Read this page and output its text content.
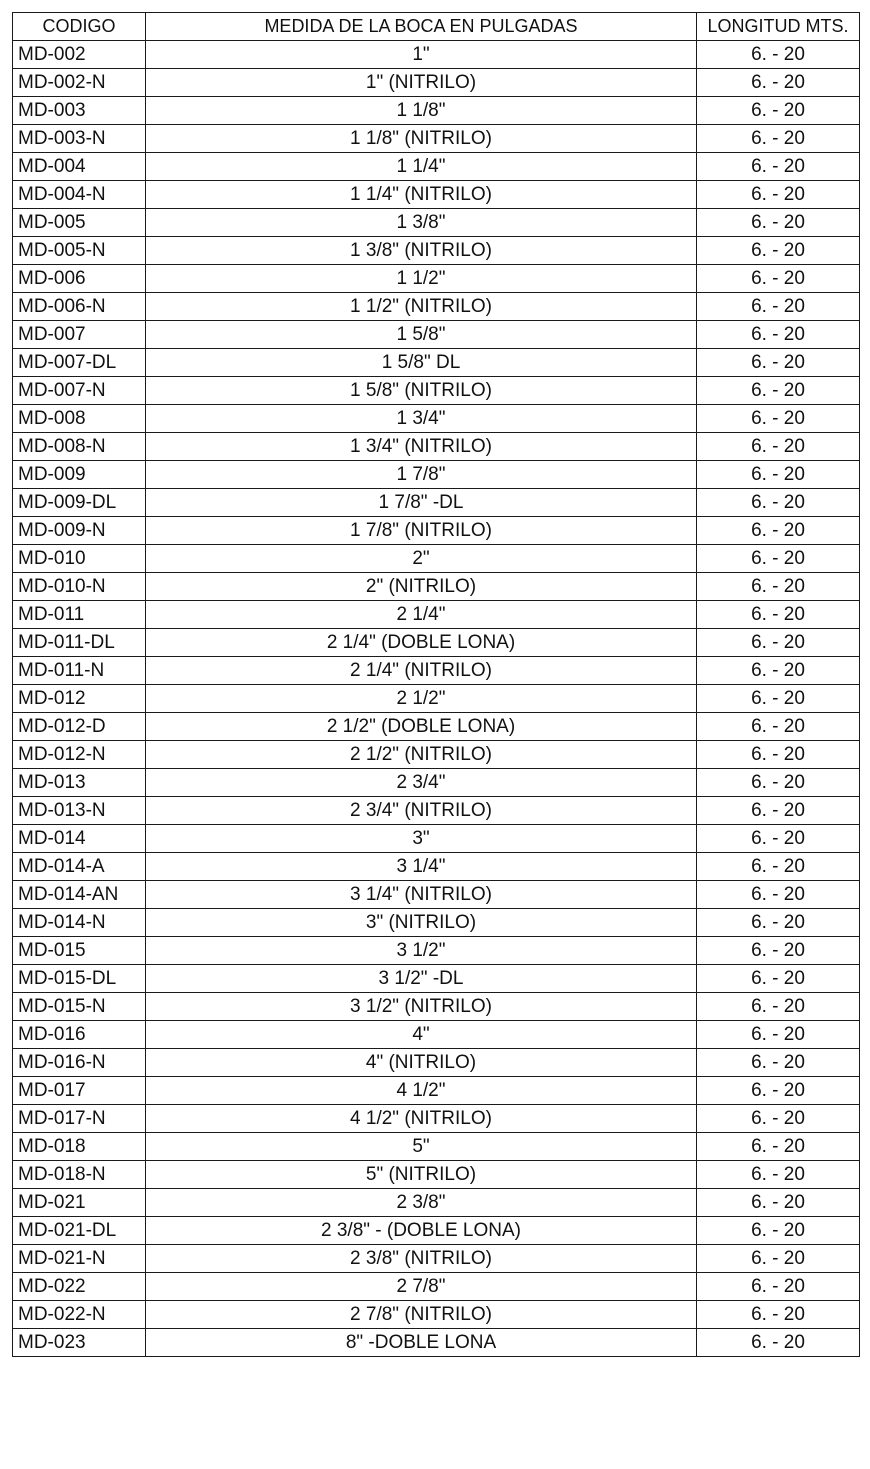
CODIGO	MEDIDA DE LA BOCA EN PULGADAS	LONGITUD MTS.
MD-002	1"	6. - 20
MD-002-N	1" (NITRILO)	6. - 20
MD-003	1 1/8"	6. - 20
MD-003-N	1 1/8" (NITRILO)	6. - 20
MD-004	1 1/4"	6. - 20
MD-004-N	1 1/4" (NITRILO)	6. - 20
MD-005	1 3/8"	6. - 20
MD-005-N	1 3/8" (NITRILO)	6. - 20
MD-006	1 1/2"	6. - 20
MD-006-N	1 1/2" (NITRILO)	6. - 20
MD-007	1 5/8"	6. - 20
MD-007-DL	1 5/8" DL	6. - 20
MD-007-N	1 5/8" (NITRILO)	6. - 20
MD-008	1 3/4"	6. - 20
MD-008-N	1 3/4" (NITRILO)	6. - 20
MD-009	1 7/8"	6. - 20
MD-009-DL	1 7/8" -DL	6. - 20
MD-009-N	1 7/8" (NITRILO)	6. - 20
MD-010	2"	6. - 20
MD-010-N	2" (NITRILO)	6. - 20
MD-011	2 1/4"	6. - 20
MD-011-DL	2 1/4" (DOBLE LONA)	6. - 20
MD-011-N	2 1/4" (NITRILO)	6. - 20
MD-012	2 1/2"	6. - 20
MD-012-D	2 1/2" (DOBLE LONA)	6. - 20
MD-012-N	2 1/2" (NITRILO)	6. - 20
MD-013	2 3/4"	6. - 20
MD-013-N	2 3/4" (NITRILO)	6. - 20
MD-014	3"	6. - 20
MD-014-A	3 1/4"	6. - 20
MD-014-AN	3 1/4" (NITRILO)	6. - 20
MD-014-N	3" (NITRILO)	6. - 20
MD-015	3 1/2"	6. - 20
MD-015-DL	3 1/2" -DL	6. - 20
MD-015-N	3 1/2" (NITRILO)	6. - 20
MD-016	4"	6. - 20
MD-016-N	4" (NITRILO)	6. - 20
MD-017	4 1/2"	6. - 20
MD-017-N	4 1/2" (NITRILO)	6. - 20
MD-018	5"	6. - 20
MD-018-N	5" (NITRILO)	6. - 20
MD-021	2 3/8"	6. - 20
MD-021-DL	2 3/8" - (DOBLE LONA)	6. - 20
MD-021-N	2 3/8" (NITRILO)	6. - 20
MD-022	2 7/8"	6. - 20
MD-022-N	2 7/8" (NITRILO)	6. - 20
MD-023	8" -DOBLE LONA	6. - 20
